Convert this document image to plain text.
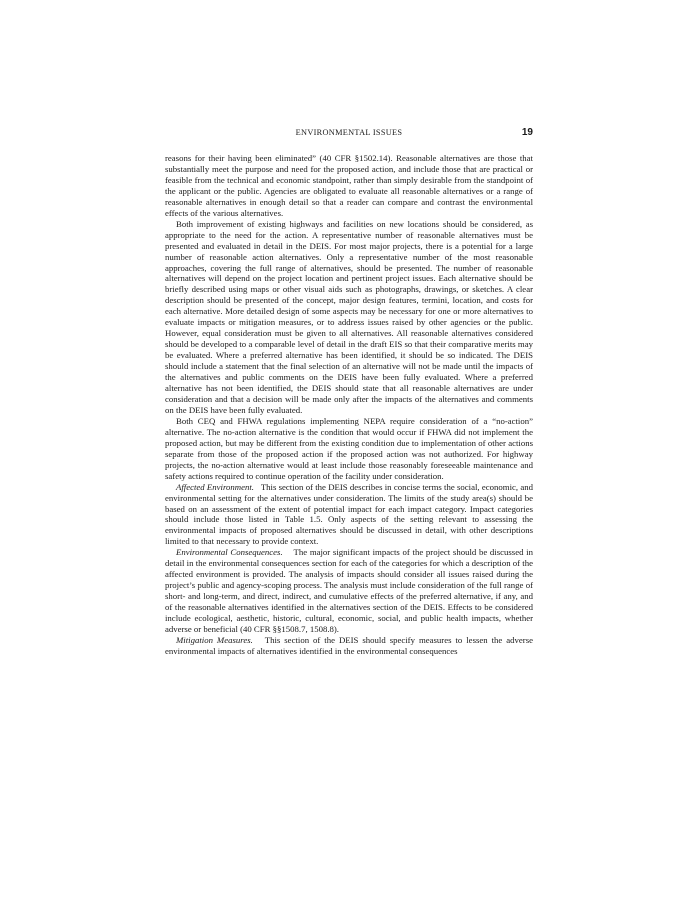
ENVIRONMENTAL ISSUES	19

reasons for their having been eliminated” (40 CFR §1502.14). Reasonable alternatives are those that substantially meet the purpose and need for the proposed action, and include those that are practical or feasible from the technical and economic standpoint, rather than simply desirable from the standpoint of the applicant or the public. Agencies are obligated to evaluate all reasonable alternatives or a range of reasonable alternatives in enough detail so that a reader can compare and contrast the environmental effects of the various alternatives.

Both improvement of existing highways and facilities on new locations should be considered, as appropriate to the need for the action. A representative number of reasonable alternatives must be presented and evaluated in detail in the DEIS. For most major projects, there is a potential for a large number of reasonable action alternatives. Only a representative number of the most reasonable approaches, covering the full range of alternatives, should be presented. The number of reasonable alternatives will depend on the project location and pertinent project issues. Each alternative should be briefly described using maps or other visual aids such as photographs, drawings, or sketches. A clear description should be presented of the concept, major design features, termini, location, and costs for each alternative. More detailed design of some aspects may be necessary for one or more alternatives to evaluate impacts or mitigation measures, or to address issues raised by other agencies or the public. However, equal consideration must be given to all alternatives. All reasonable alternatives considered should be developed to a comparable level of detail in the draft EIS so that their comparative merits may be evaluated. Where a preferred alternative has been identified, it should be so indicated. The DEIS should include a statement that the final selection of an alternative will not be made until the impacts of the alternatives and public comments on the DEIS have been fully evaluated. Where a preferred alternative has not been identified, the DEIS should state that all reasonable alternatives are under consideration and that a decision will be made only after the impacts of the alternatives and comments on the DEIS have been fully evaluated.

Both CEQ and FHWA regulations implementing NEPA require consideration of a “no-action” alternative. The no-action alternative is the condition that would occur if FHWA did not implement the proposed action, but may be different from the existing condition due to implementation of other actions separate from those of the proposed action if the proposed action was not authorized. For highway projects, the no-action alternative would at least include those reasonably foreseeable maintenance and safety actions required to continue operation of the facility under consideration.

Affected Environment. This section of the DEIS describes in concise terms the social, economic, and environmental setting for the alternatives under consideration. The limits of the study area(s) should be based on an assessment of the extent of potential impact for each impact category. Impact categories should include those listed in Table 1.5. Only aspects of the setting relevant to assessing the environmental impacts of proposed alternatives should be discussed in detail, with other descriptions limited to that necessary to provide context.

Environmental Consequences. The major significant impacts of the project should be discussed in detail in the environmental consequences section for each of the categories for which a description of the affected environment is provided. The analysis of impacts should consider all issues raised during the project’s public and agency-scoping process. The analysis must include consideration of the full range of short- and long-term, and direct, indirect, and cumulative effects of the preferred alternative, if any, and of the reasonable alternatives identified in the alternatives section of the DEIS. Effects to be considered include ecological, aesthetic, historic, cultural, economic, social, and public health impacts, whether adverse or beneficial (40 CFR §§1508.7, 1508.8).

Mitigation Measures. This section of the DEIS should specify measures to lessen the adverse environmental impacts of alternatives identified in the environmental consequences
